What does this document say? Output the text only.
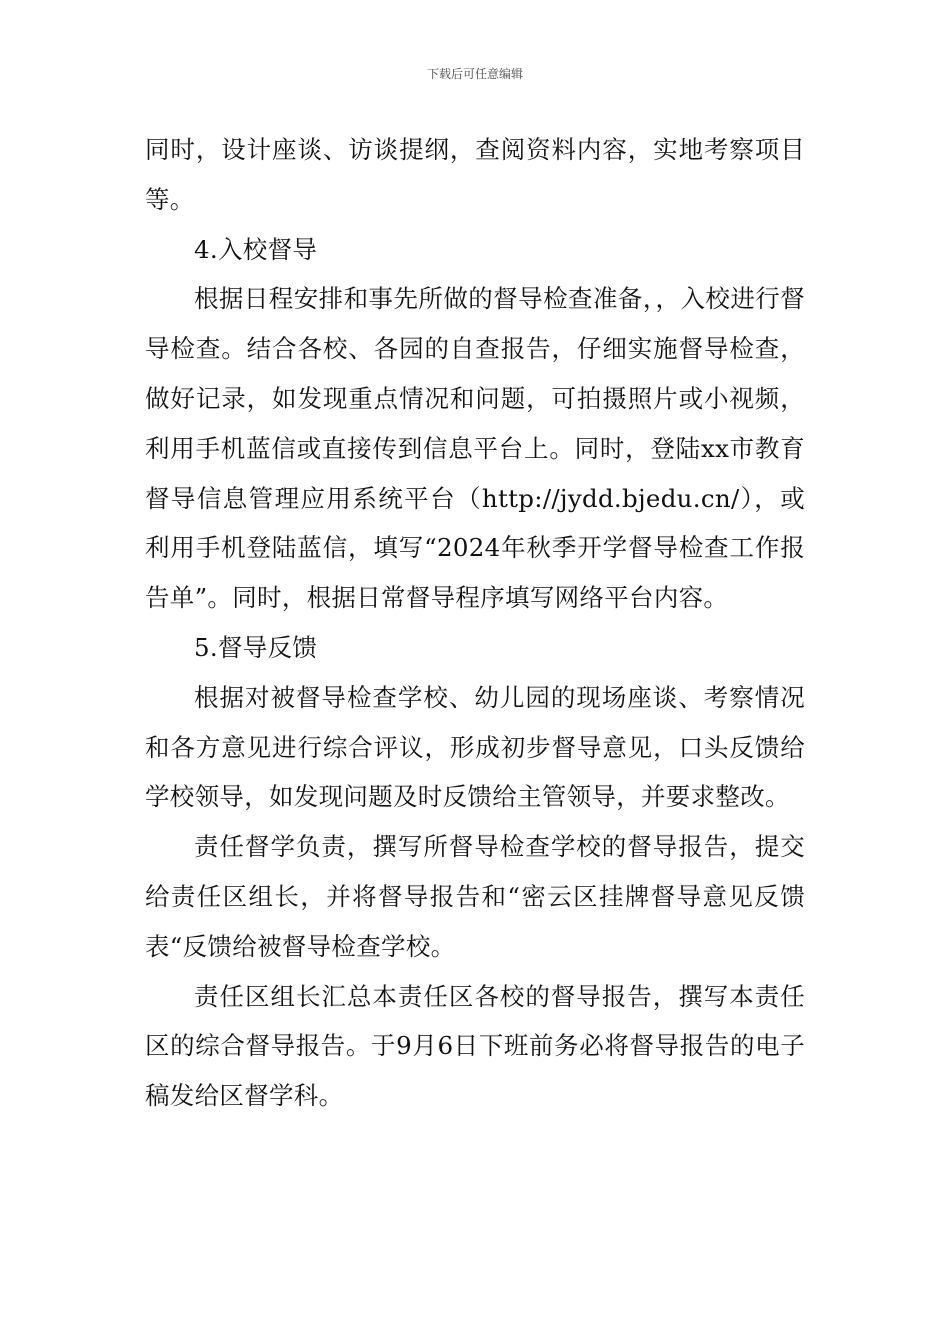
下载后可任意编辑

同时，设计座谈、访谈提纲，查阅资料内容，实地考察项目等。

4.入校督导

根据日程安排和事先所做的督导检查准备，，入校进行督导检查。结合各校、各园的自查报告，仔细实施督导检查，做好记录，如发现重点情况和问题，可拍摄照片或小视频，利用手机蓝信或直接传到信息平台上。同时，登陆xx市教育督导信息管理应用系统平台（http://jydd.bjedu.cn/），或利用手机登陆蓝信，填写“2024年秋季开学督导检查工作报告单”。同时，根据日常督导程序填写网络平台内容。

5.督导反馈

根据对被督导检查学校、幼儿园的现场座谈、考察情况和各方意见进行综合评议，形成初步督导意见，口头反馈给学校领导，如发现问题及时反馈给主管领导，并要求整改。

责任督学负责，撰写所督导检查学校的督导报告，提交给责任区组长，并将督导报告和“密云区挂牌督导意见反馈表“反馈给被督导检查学校。

责任区组长汇总本责任区各校的督导报告，撰写本责任区的综合督导报告。于9月6日下班前务必将督导报告的电子稿发给区督学科。
